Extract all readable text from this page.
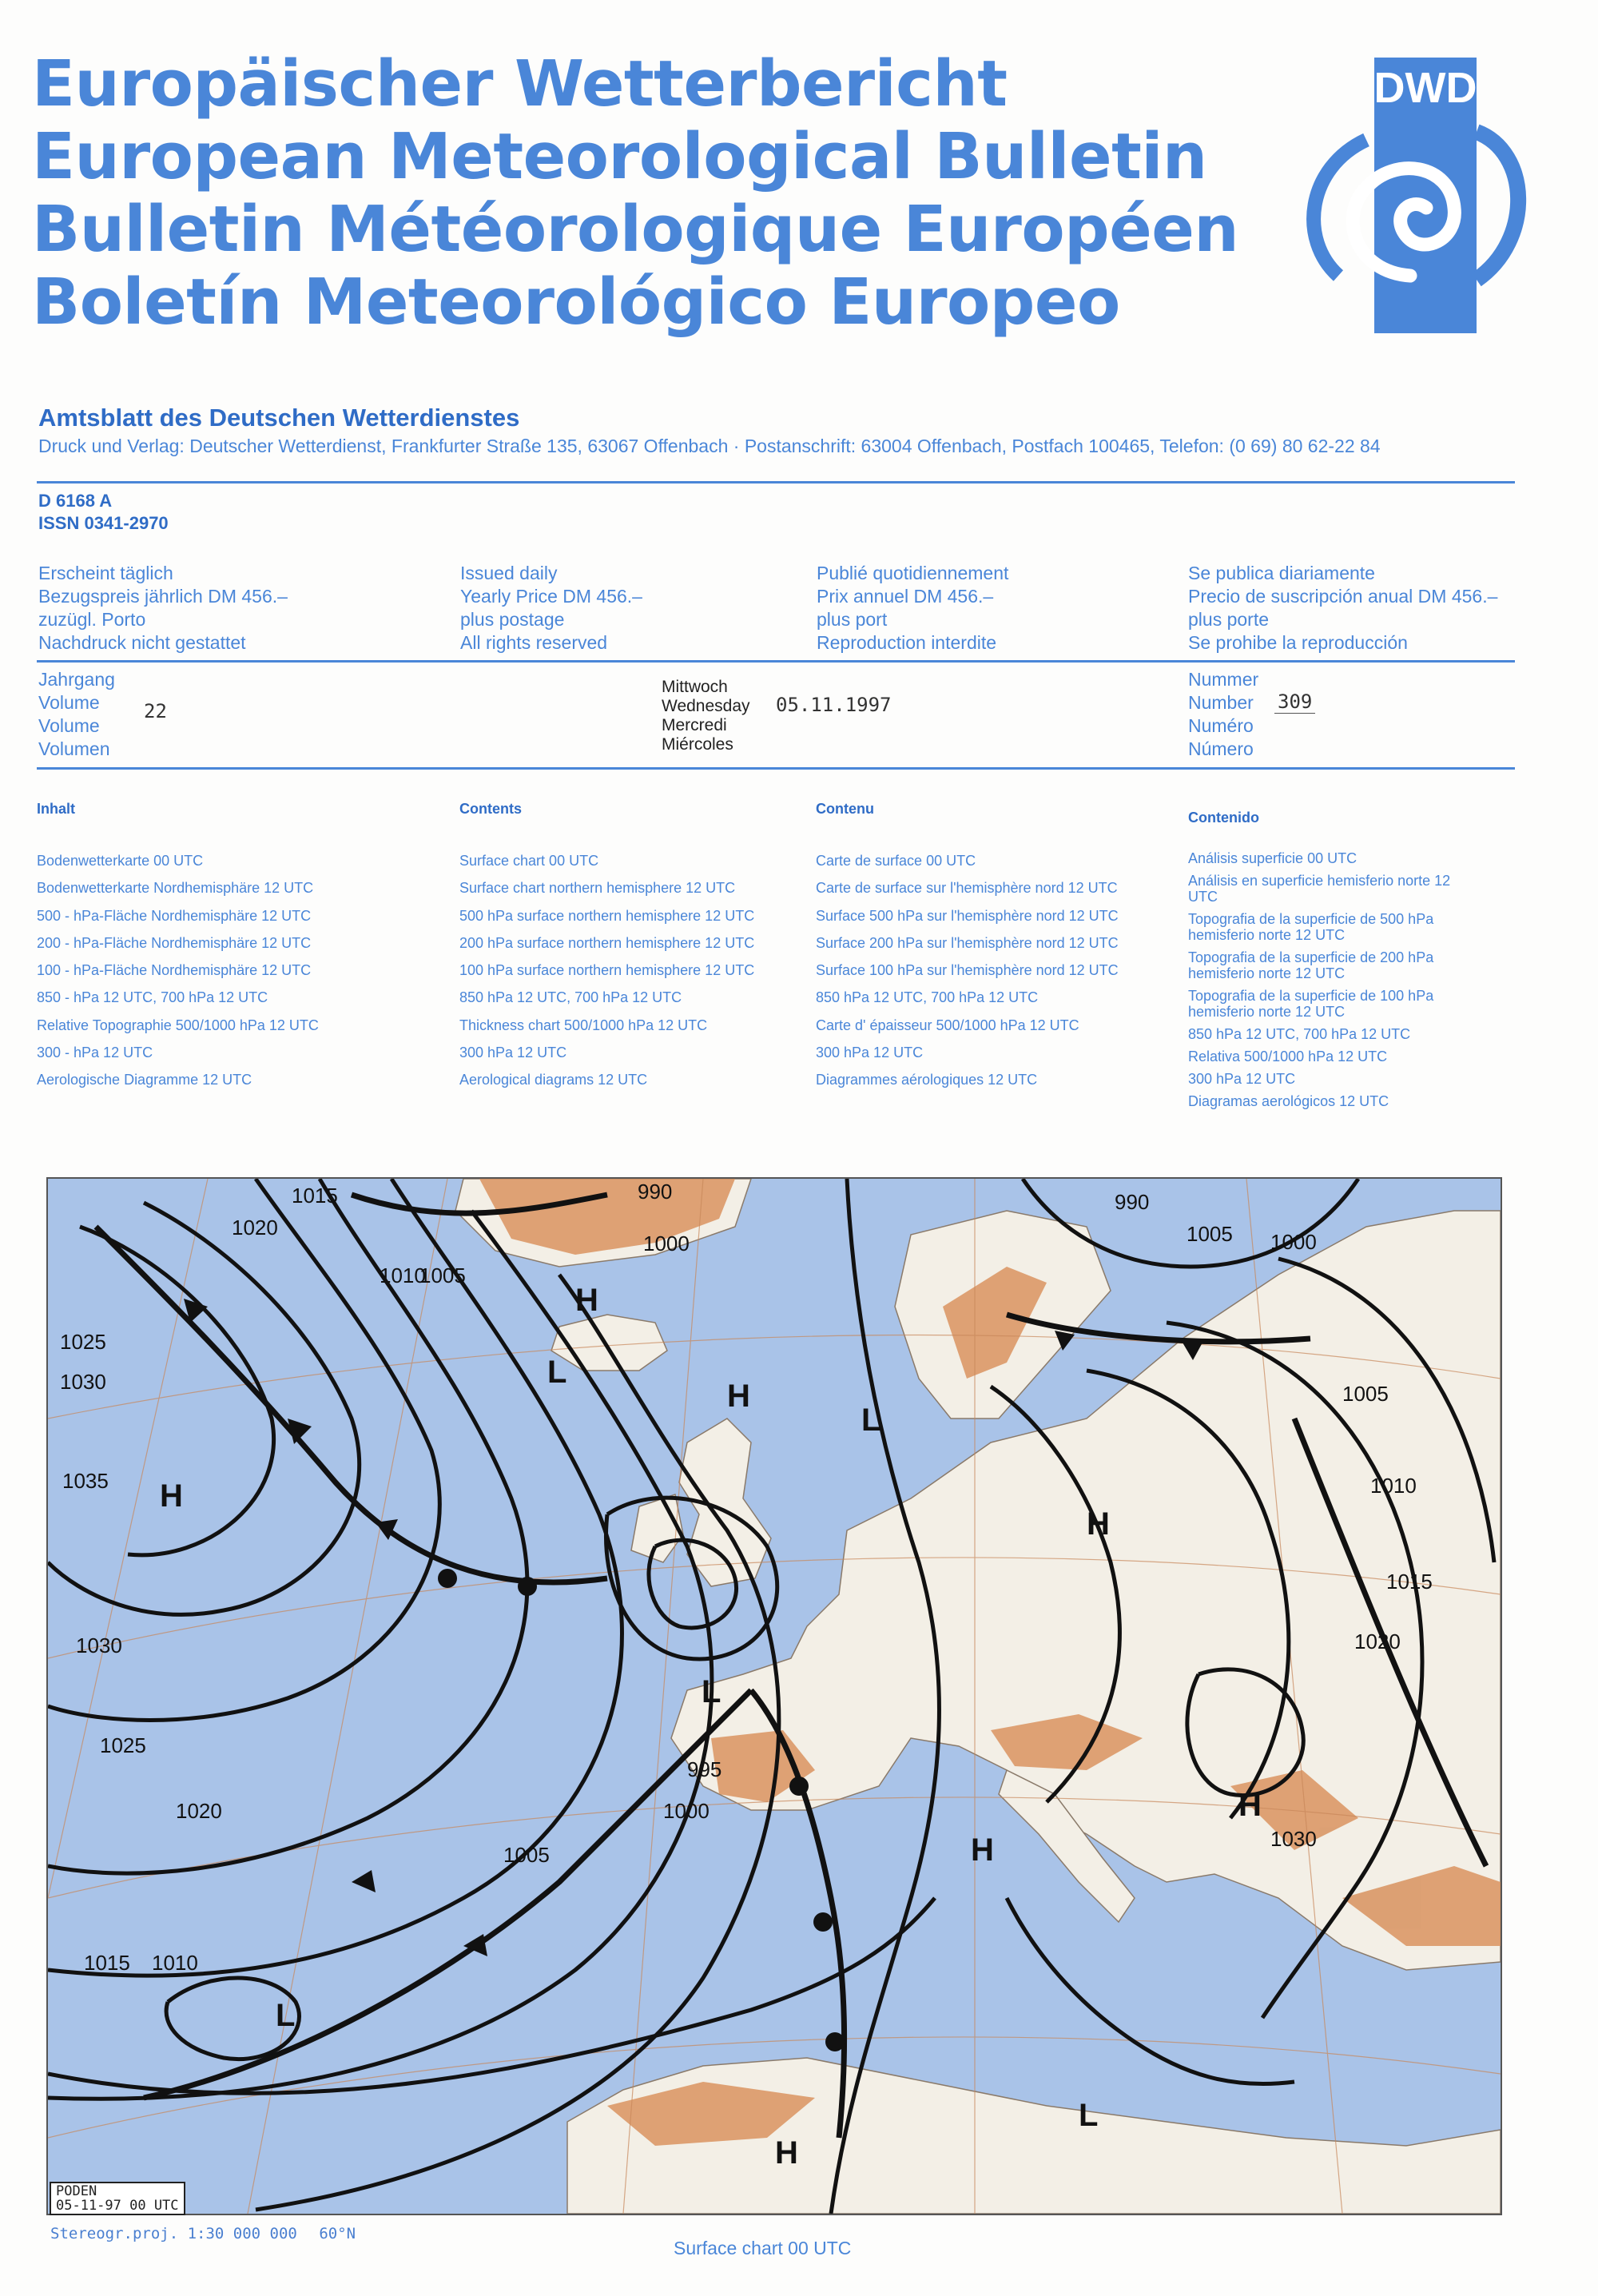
Europäischer Wetterbericht
European Meteorological Bulletin
Bulletin Météorologique Européen
Boletín Meteorológico Europeo
DWD
Amtsblatt des Deutschen Wetterdienstes
Druck und Verlag: Deutscher Wetterdienst, Frankfurter Straße 135, 63067 Offenbach · Postanschrift: 63004 Offenbach, Postfach 100465, Telefon: (0 69) 80 62-22 84
D 6168 A
ISSN 0341-2970
Erscheint täglich
Bezugspreis jährlich DM 456.–
zuzügl. Porto
Nachdruck nicht gestattet
Issued daily
Yearly Price DM 456.–
plus postage
All rights reserved
Publié quotidiennement
Prix annuel DM 456.–
plus port
Reproduction interdite
Se publica diariamente
Precio de suscripción anual DM 456.–
plus porte
Se prohibe la reproducción
Jahrgang
Volume
Volume
Volumen
22
Mittwoch
Wednesday
Mercredi
Miércoles
05.11.1997
Nummer
Number
Numéro
Número
309
Inhalt
Bodenwetterkarte 00 UTC
Bodenwetterkarte Nordhemisphäre 12 UTC
500 - hPa-Fläche Nordhemisphäre 12 UTC
200 - hPa-Fläche Nordhemisphäre 12 UTC
100 - hPa-Fläche Nordhemisphäre 12 UTC
850 - hPa 12 UTC, 700 hPa 12 UTC
Relative Topographie 500/1000 hPa 12 UTC
300 - hPa 12 UTC
Aerologische Diagramme 12 UTC
Contents
Surface chart 00 UTC
Surface chart northern hemisphere 12 UTC
500 hPa surface northern hemisphere 12 UTC
200 hPa surface northern hemisphere 12 UTC
100 hPa surface northern hemisphere 12 UTC
850 hPa 12 UTC, 700 hPa 12 UTC
Thickness chart 500/1000 hPa 12 UTC
300 hPa 12 UTC
Aerological diagrams 12 UTC
Contenu
Carte de surface 00 UTC
Carte de surface sur l'hemisphère nord 12 UTC
Surface 500 hPa sur l'hemisphère nord 12 UTC
Surface 200 hPa sur l'hemisphère nord 12 UTC
Surface 100 hPa sur l'hemisphère nord 12 UTC
850 hPa 12 UTC, 700 hPa 12 UTC
Carte d' épaisseur 500/1000 hPa 12 UTC
300 hPa 12 UTC
Diagrammes aérologiques 12 UTC
Contenido
Análisis superficie 00 UTC
Análisis en superficie hemisferio norte 12 UTC
Topografia de la superficie de 500 hPa hemisferio norte 12 UTC
Topografia de la superficie de 200 hPa hemisferio norte 12 UTC
Topografia de la superficie de 100 hPa hemisferio norte 12 UTC
850 hPa 12 UTC, 700 hPa 12 UTC
Relativa 500/1000 hPa 12 UTC
300 hPa 12 UTC
Diagramas aerológicos 12 UTC
990
1000
1010
1015
1020
1025
1030
1035
1005
995
1000
1005
1010
1015
1020
1025
1030
1005
1010
1015
1020
1030
1000
990
1005
H
H
H
H
H
H
H
L
L
L
L
L
PODEN
05-11-97 00 UTC
Stereogr.proj. 1:30 000 000 60°N
Surface chart 00 UTC
